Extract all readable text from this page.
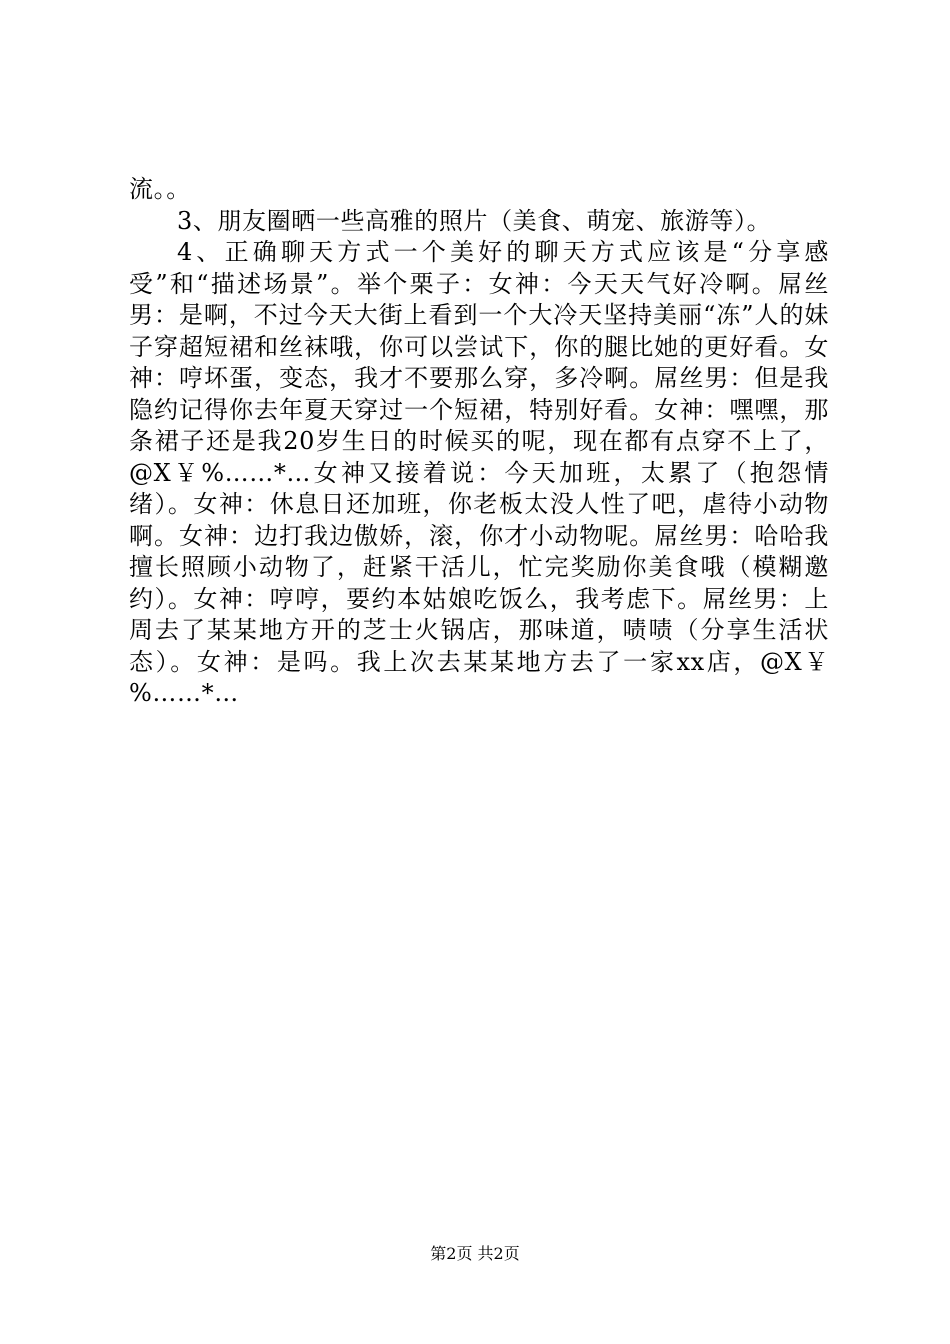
流。。

3、朋友圈晒一些高雅的照片（美食、萌宠、旅游等）。

4、正确聊天方式一个美好的聊天方式应该是“分享感受”和“描述场景”。举个栗子：女神：今天天气好冷啊。屌丝男：是啊，不过今天大街上看到一个大冷天坚持美丽“冻”人的妹子穿超短裙和丝袜哦，你可以尝试下，你的腿比她的更好看。女神：哼坏蛋，变态，我才不要那么穿，多冷啊。屌丝男：但是我隐约记得你去年夏天穿过一个短裙，特别好看。女神：嘿嘿，那条裙子还是我20岁生日的时候买的呢，现在都有点穿不上了，@X￥%……*…女神又接着说：今天加班，太累了（抱怨情绪）。女神：休息日还加班，你老板太没人性了吧，虐待小动物啊。女神：边打我边傲娇，滚，你才小动物呢。屌丝男：哈哈我擅长照顾小动物了，赶紧干活儿，忙完奖励你美食哦（模糊邀约）。女神：哼哼，要约本姑娘吃饭么，我考虑下。屌丝男：上周去了某某地方开的芝士火锅店，那味道，啧啧（分享生活状态）。女神：是吗。我上次去某某地方去了一家xx店，@X￥%……*…

第2页 共2页
